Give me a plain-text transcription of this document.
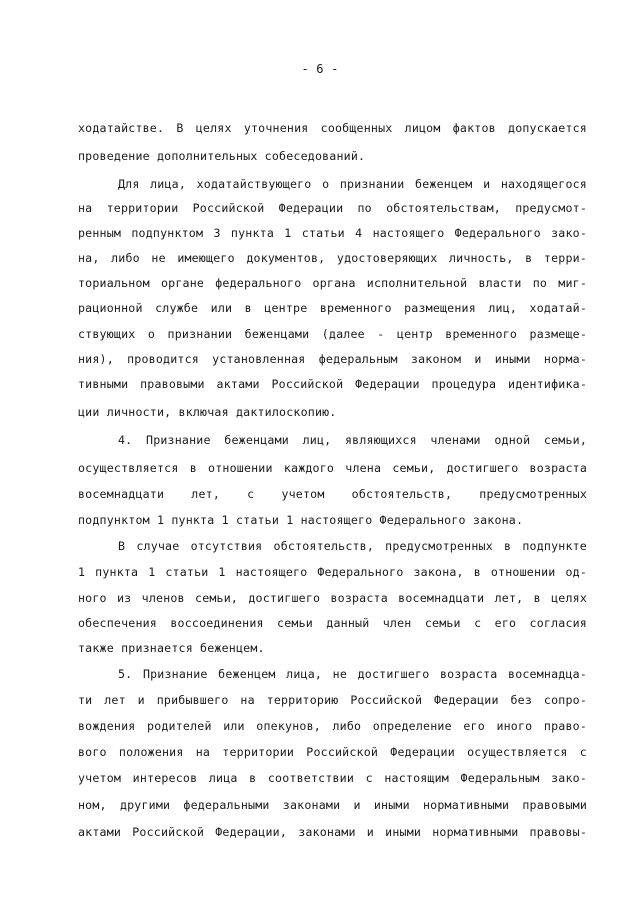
- 6 -
ходатайстве. В целях уточнения сообщенных лицом фактов допускается
проведение дополнительных собеседований.
Для лица, ходатайствующего о признании беженцем и находящегося
на территории Российской Федерации по обстоятельствам, предусмот-
ренным подпунктом 3 пункта 1 статьи 4 настоящего Федерального зако-
на, либо не имеющего документов, удостоверяющих личность, в терри-
ториальном органе федерального органа исполнительной власти по миг-
рационной службе или в центре временного размещения лиц, ходатай-
ствующих о признании беженцами (далее - центр временного размеще-
ния), проводится установленная федеральным законом и иными норма-
тивными правовыми актами Российской Федерации процедура идентифика-
ции личности, включая дактилоскопию.
4. Признание беженцами лиц, являющихся членами одной семьи,
осуществляется в отношении каждого члена семьи, достигшего возраста
восемнадцати лет, с учетом обстоятельств, предусмотренных
подпунктом 1 пункта 1 статьи 1 настоящего Федерального закона.
В случае отсутствия обстоятельств, предусмотренных в подпункте
1 пункта 1 статьи 1 настоящего Федерального закона, в отношении од-
ного из членов семьи, достигшего возраста восемнадцати лет, в целях
обеспечения воссоединения семьи данный член семьи с его согласия
также признается беженцем.
5. Признание беженцем лица, не достигшего возраста восемнадца-
ти лет и прибывшего на территорию Российской Федерации без сопро-
вождения родителей или опекунов, либо определение его иного право-
вого положения на территории Российской Федерации осуществляется с
учетом интересов лица в соответствии с настоящим Федеральным зако-
ном, другими федеральными законами и иными нормативными правовыми
актами Российской Федерации, законами и иными нормативными правовы-
